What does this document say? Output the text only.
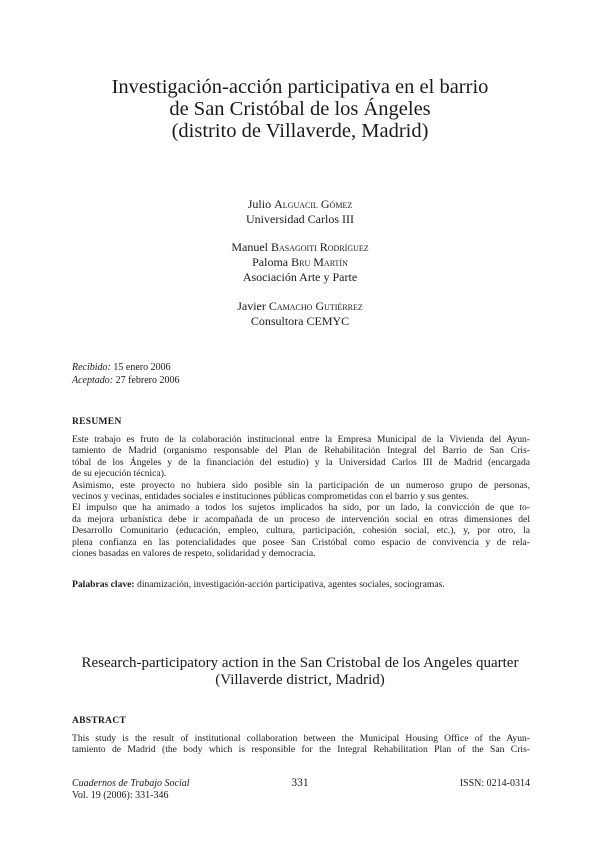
Investigación-acción participativa en el barrio
de San Cristóbal de los Ángeles
(distrito de Villaverde, Madrid)
Julio Alguacil Gómez
Universidad Carlos III
Manuel Basagoiti Rodríguez
Paloma Bru Martín
Asociación Arte y Parte
Javier Camacho Gutiérrez
Consultora CEMYC
Recibido: 15 enero 2006
Aceptado: 27 febrero 2006
RESUMEN
Este trabajo es fruto de la colaboración institucional entre la Empresa Municipal de la Vivienda del Ayun-
tamiento de Madrid (organismo responsable del Plan de Rehabilitación Integral del Barrio de San Cris-
tóbal de los Ángeles y de la financiación del estudio) y la Universidad Carlos III de Madrid (encargada
de su ejecución técnica).
Asimismo, este proyecto no hubiera sido posible sin la participación de un numeroso grupo de personas,
vecinos y vecinas, entidades sociales e instituciones públicas comprometidas con el barrio y sus gentes.
El impulso que ha animado a todos los sujetos implicados ha sido, por un lado, la convicción de que to-
da mejora urbanística debe ir acompañada de un proceso de intervención social en otras dimensiones del
Desarrollo Comunitario (educación, empleo, cultura, participación, cohesión social, etc.), y, por otro, la
plena confianza en las potencialidades que posee San Cristóbal como espacio de convivencia y de rela-
ciones basadas en valores de respeto, solidaridad y democracia.
Palabras clave: dinamización, investigación-acción participativa, agentes sociales, sociogramas.
Research-participatory action in the San Cristobal de los Angeles quarter
(Villaverde district, Madrid)
ABSTRACT
This study is the result of institutional collaboration between the Municipal Housing Office of the Ayun-
tamiento de Madrid (the body which is responsible for the Integral Rehabilitation Plan of the San Cris-
Cuadernos de Trabajo Social
Vol. 19 (2006): 331-346
331	ISSN: 0214-0314
